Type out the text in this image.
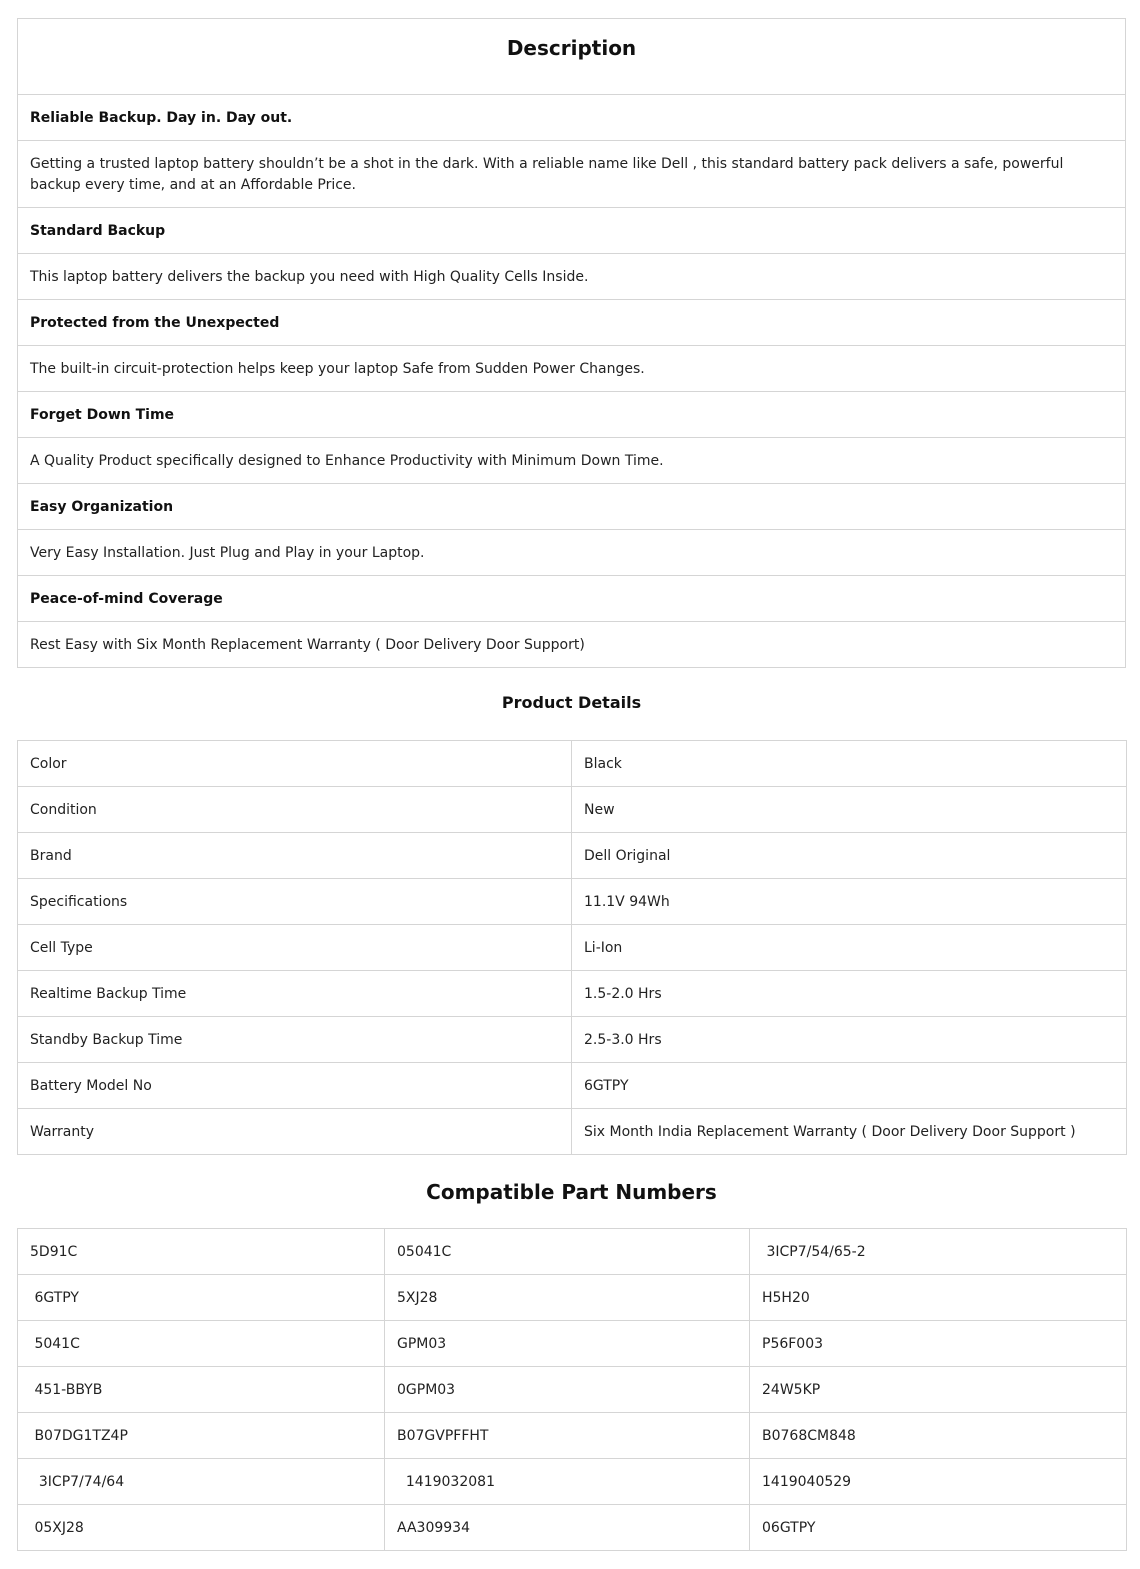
Description
Reliable Backup. Day in. Day out.
Getting a trusted laptop battery shouldn’t be a shot in the dark. With a reliable name like Dell , this standard battery pack delivers a safe, powerful backup every time, and at an Affordable Price.
Standard Backup
This laptop battery delivers the backup you need with High Quality Cells Inside.
Protected from the Unexpected
The built-in circuit-protection helps keep your laptop Safe from Sudden Power Changes.
Forget Down Time
A Quality Product specifically designed to Enhance Productivity with Minimum Down Time.
Easy Organization
Very Easy Installation. Just Plug and Play in your Laptop.
Peace-of-mind Coverage
Rest Easy with Six Month Replacement Warranty ( Door Delivery Door Support)
Product Details
Color	Black
Condition	New
Brand	Dell Original
Specifications	11.1V 94Wh
Cell Type	Li-Ion
Realtime Backup Time	1.5-2.0 Hrs
Standby Backup Time	2.5-3.0 Hrs
Battery Model No	6GTPY
Warranty	Six Month India Replacement Warranty ( Door Delivery Door Support )
Compatible Part Numbers
5D91C	05041C	3ICP7/54/65-2
6GTPY	5XJ28	H5H20
5041C	GPM03	P56F003
451-BBYB	0GPM03	24W5KP
B07DG1TZ4P	B07GVPFFHT	B0768CM848
3ICP7/74/64	1419032081	1419040529
05XJ28	AA309934	06GTPY
